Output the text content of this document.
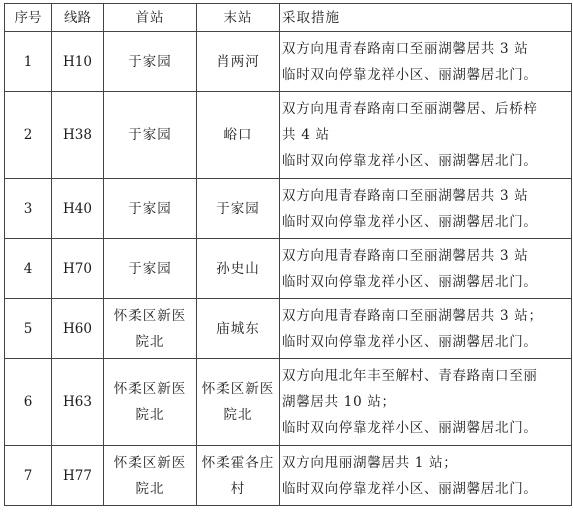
序号	线路	首站	末站	采取措施
1	H10	于家园	肖两河	双方向甩青春路南口至丽湖馨居共 3 站
临时双向停靠龙祥小区、丽湖馨居北门。

2	H38	于家园	峪口	双方向甩青春路南口至丽湖馨居、后桥梓
共 4 站
临时双向停靠龙祥小区、丽湖馨居北门。

3	H40	于家园	于家园	双方向甩青春路南口至丽湖馨居共 3 站
临时双向停靠龙祥小区、丽湖馨居北门。

4	H70	于家园	孙史山	双方向甩青春路南口至丽湖馨居共 3 站
临时双向停靠龙祥小区、丽湖馨居北门。

5	H60	怀柔区新医
院北	庙城东	双方向甩青春路南口至丽湖馨居共 3 站；
临时双向停靠龙祥小区、丽湖馨居北门。

6	H63	怀柔区新医
院北	怀柔区新医
院北	双方向甩北年丰至解村、青春路南口至丽
湖馨居共 10 站；
临时双向停靠龙祥小区、丽湖馨居北门。

7	H77	怀柔区新医
院北	怀柔霍各庄
村	双方向甩丽湖馨居共 1 站；
临时双向停靠龙祥小区、丽湖馨居北门。
